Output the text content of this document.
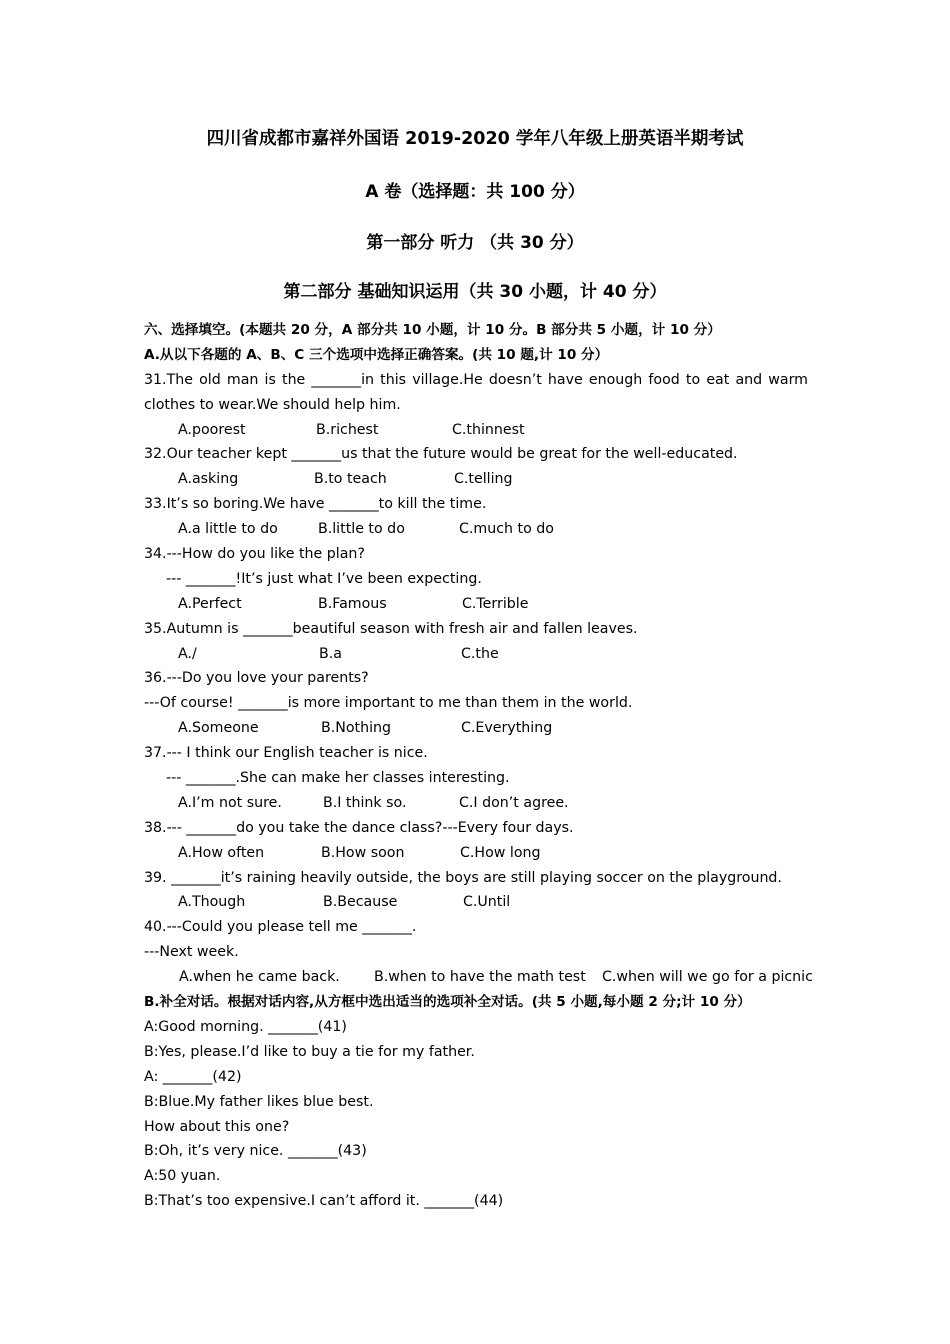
四川省成都市嘉祥外国语 2019-2020 学年八年级上册英语半期考试
A 卷（选择题：共 100 分）
第一部分 听力 （共 30 分）
第二部分 基础知识运用（共 30 小题，计 40 分）
六、选择填空。(本题共 20 分，A 部分共 10 小题，计 10 分。B 部分共 5 小题，计 10 分）
A.从以下各题的 A、B、C 三个选项中选择正确答案。(共 10 题,计 10 分）
31.The old man is the _______in this village.He doesn’t have enough food to eat and warm
clothes to wear.We should help him.
A.poorest	B.richest	C.thinnest
32.Our teacher kept _______us that the future would be great for the well-educated.
A.asking	B.to teach	C.telling
33.It’s so boring.We have _______to kill the time.
A.a little to do	B.little to do	C.much to do
34.---How do you like the plan?
--- _______!It’s just what I’ve been expecting.
A.Perfect	B.Famous	C.Terrible
35.Autumn is _______beautiful season with fresh air and fallen leaves.
A./	B.a	C.the
36.---Do you love your parents?
---Of course! _______is more important to me than them in the world.
A.Someone	B.Nothing	C.Everything
37.--- I think our English teacher is nice.
--- _______.She can make her classes interesting.
A.I’m not sure.	B.I think so.	C.I don’t agree.
38.--- _______do you take the dance class?---Every four days.
A.How often	B.How soon	C.How long
39. _______it’s raining heavily outside, the boys are still playing soccer on the playground.
A.Though	B.Because	C.Until
40.---Could you please tell me _______.
---Next week.
A.when he came back. B.when to have the math test C.when will we go for a picnic
B.补全对话。根据对话内容,从方框中选出适当的选项补全对话。(共 5 小题,每小题 2 分;计 10 分）
A:Good morning. _______(41)
B:Yes, please.I’d like to buy a tie for my father.
A: _______(42)
B:Blue.My father likes blue best.
How about this one?
B:Oh, it’s very nice. _______(43)
A:50 yuan.
B:That’s too expensive.I can’t afford it. _______(44)
